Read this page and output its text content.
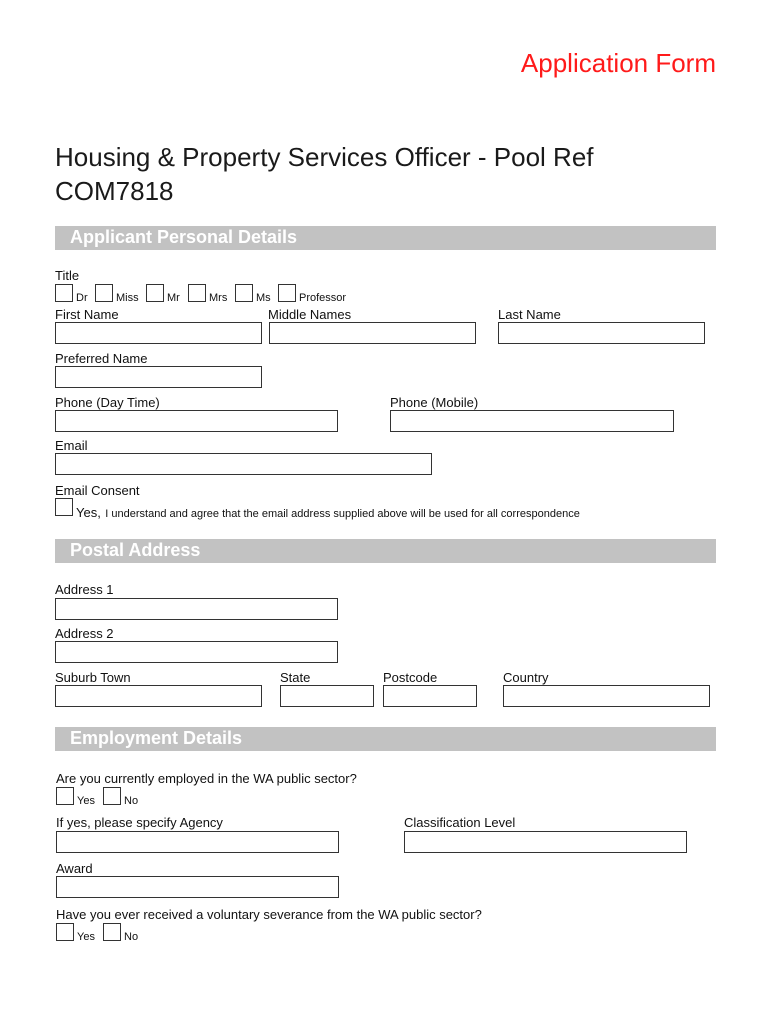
Application Form
Housing & Property Services Officer - Pool Ref COM7818
Applicant Personal Details
Title
Dr	Miss	Mr	Mrs	Ms	Professor
First Name	Middle Names	Last Name
Preferred Name
Phone (Day Time)	Phone (Mobile)
Email
Email Consent
Yes, I understand and agree that the email address supplied above will be used for all correspondence
Postal Address
Address 1
Address 2
Suburb Town	State	Postcode	Country
Employment Details
Are you currently employed in the WA public sector?
Yes	No
If yes, please specify Agency	Classification Level
Award
Have you ever received a voluntary severance from the WA public sector?
Yes	No
